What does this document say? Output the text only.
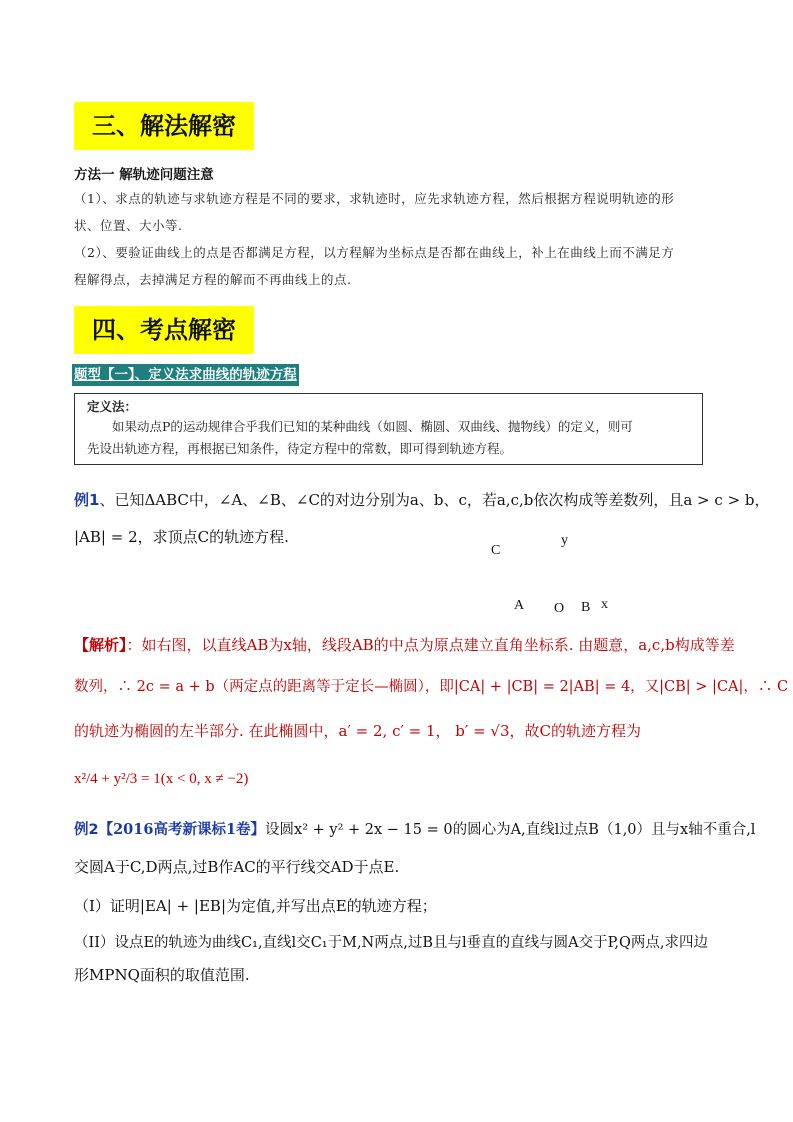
三、解法解密
方法一 解轨迹问题注意
（1）、求点的轨迹与求轨迹方程是不同的要求，求轨迹时，应先求轨迹方程，然后根据方程说明轨迹的形
状、位置、大小等.
（2）、要验证曲线上的点是否都满足方程，以方程解为坐标点是否都在曲线上，补上在曲线上而不满足方
程解得点，去掉满足方程的解而不再曲线上的点.
四、考点解密
题型【一】、定义法求曲线的轨迹方程
定义法：
如果动点P的运动规律合乎我们已知的某种曲线（如圆、椭圆、双曲线、抛物线）的定义，则可
先设出轨迹方程，再根据已知条件，待定方程中的常数，即可得到轨迹方程。
例1、已知ΔABC中，∠A、∠B、∠C的对边分别为a、b、c，若a,c,b依次构成等差数列，且a > c > b，
|AB| = 2，求顶点C的轨迹方程.
C
y
A O B x
【解析】：如右图，以直线AB为x轴，线段AB的中点为原点建立直角坐标系. 由题意，a,c,b构成等差
数列，∴ 2c = a + b（两定点的距离等于定长—椭圆），即|CA| + |CB| = 2|AB| = 4，又|CB| > |CA|，∴ C
的轨迹为椭圆的左半部分. 在此椭圆中，a′ = 2, c′ = 1， b′ = √3，故C的轨迹方程为
x²/4 + y²/3 = 1(x < 0, x ≠ −2)
例2【2016高考新课标1卷】设圆x² + y² + 2x − 15 = 0的圆心为A,直线l过点B（1,0）且与x轴不重合,l
交圆A于C,D两点,过B作AC的平行线交AD于点E.
（I）证明|EA| + |EB|为定值,并写出点E的轨迹方程；
（II）设点E的轨迹为曲线C₁,直线l交C₁于M,N两点,过B且与l垂直的直线与圆A交于P,Q两点,求四边
形MPNQ面积的取值范围.
